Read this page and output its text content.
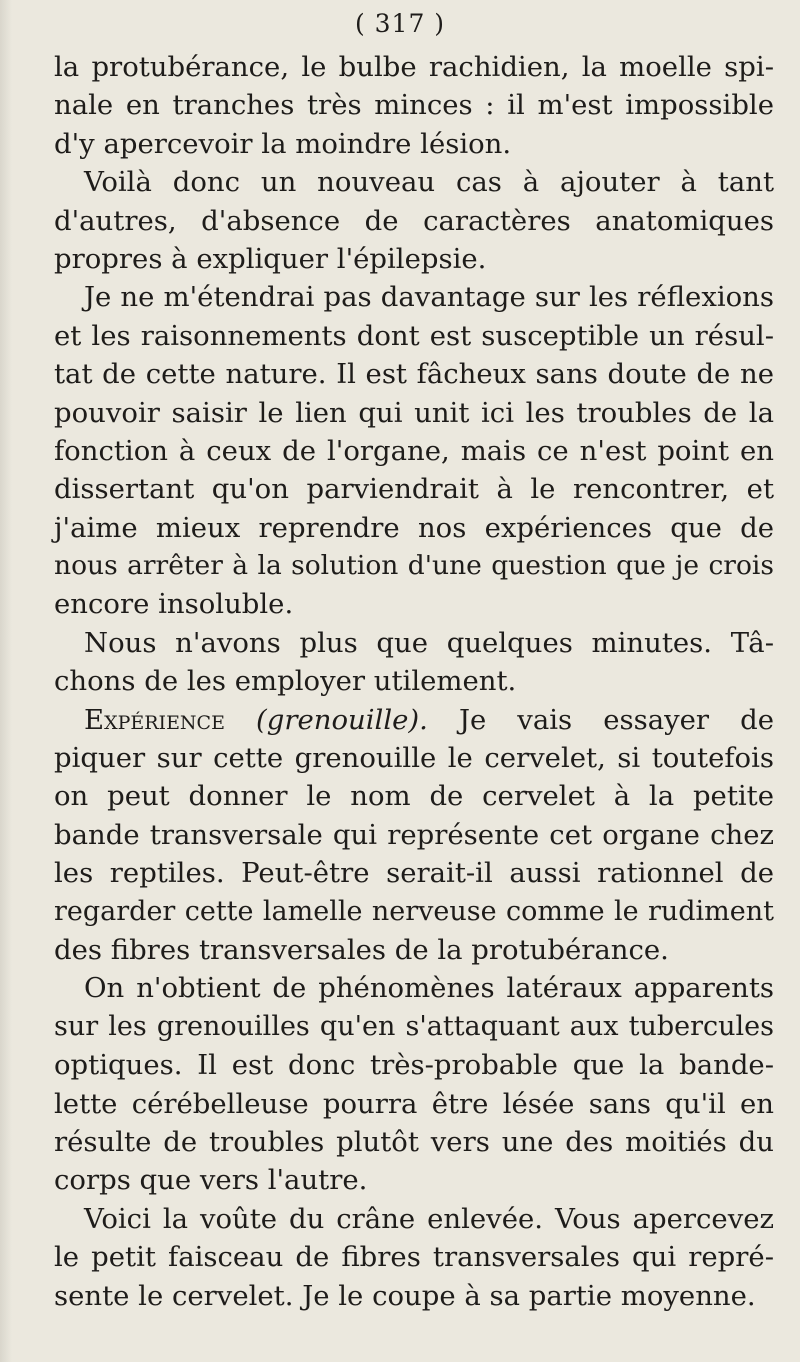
( 317 )
la protubérance, le bulbe rachidien, la moelle spi-
nale en tranches très minces : il m'est impossible
d'y apercevoir la moindre lésion.
Voilà donc un nouveau cas à ajouter à tant
d'autres, d'absence de caractères anatomiques
propres à expliquer l'épilepsie.
Je ne m'étendrai pas davantage sur les réflexions
et les raisonnements dont est susceptible un résul-
tat de cette nature. Il est fâcheux sans doute de ne
pouvoir saisir le lien qui unit ici les troubles de la
fonction à ceux de l'organe, mais ce n'est point en
dissertant qu'on parviendrait à le rencontrer, et
j'aime mieux reprendre nos expériences que de
nous arrêter à la solution d'une question que je crois
encore insoluble.
Nous n'avons plus que quelques minutes. Tâ-
chons de les employer utilement.
Expérience (grenouille). Je vais essayer de
piquer sur cette grenouille le cervelet, si toutefois
on peut donner le nom de cervelet à la petite
bande transversale qui représente cet organe chez
les reptiles. Peut-être serait-il aussi rationnel de
regarder cette lamelle nerveuse comme le rudiment
des fibres transversales de la protubérance.
On n'obtient de phénomènes latéraux apparents
sur les grenouilles qu'en s'attaquant aux tubercules
optiques. Il est donc très-probable que la bande-
lette cérébelleuse pourra être lésée sans qu'il en
résulte de troubles plutôt vers une des moitiés du
corps que vers l'autre.
Voici la voûte du crâne enlevée. Vous apercevez
le petit faisceau de fibres transversales qui repré-
sente le cervelet. Je le coupe à sa partie moyenne.
